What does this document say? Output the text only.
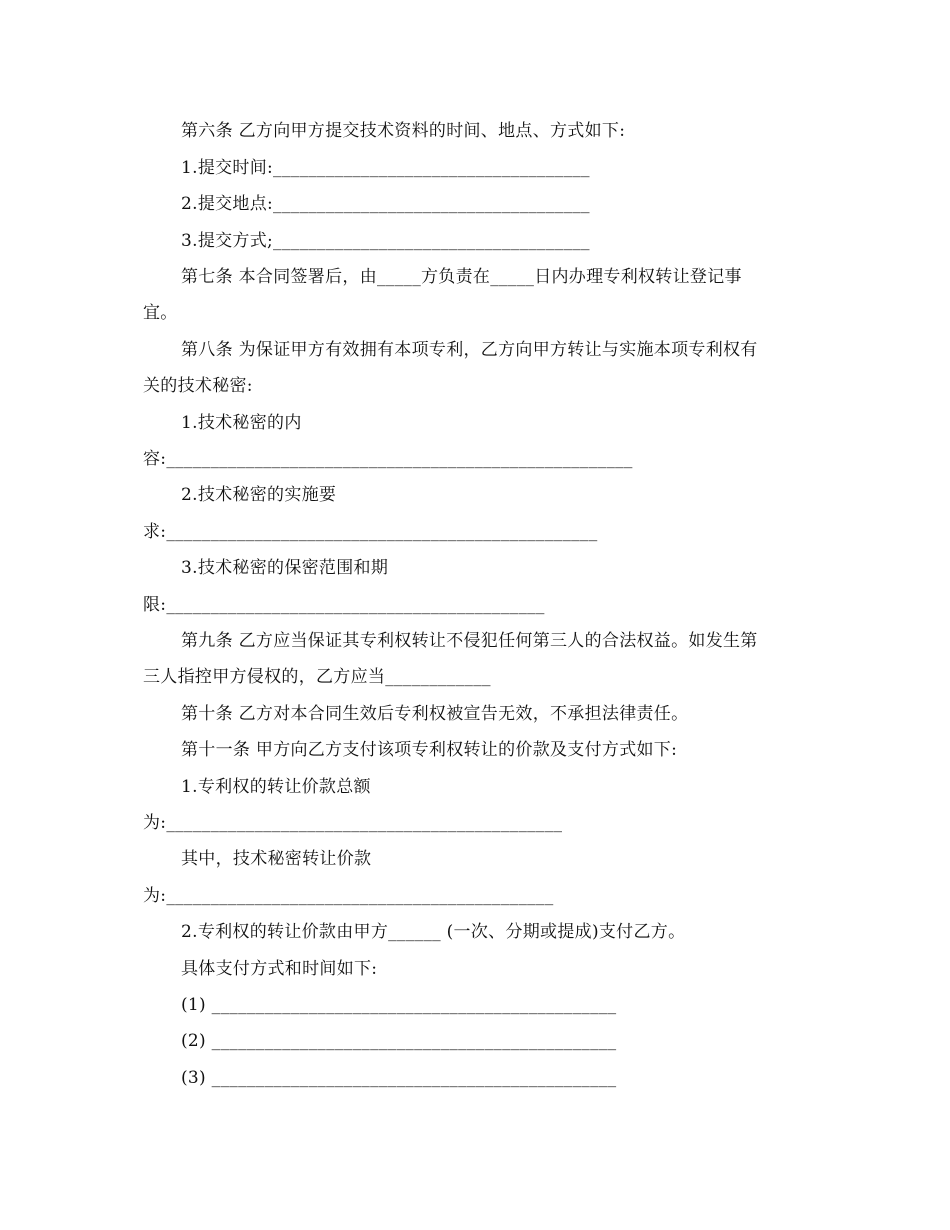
第六条 乙方向甲方提交技术资料的时间、地点、方式如下:
1.提交时间:____________________________________
2.提交地点:____________________________________
3.提交方式;____________________________________
第七条 本合同签署后，由_____方负责在_____日内办理专利权转让登记事
宜。
第八条 为保证甲方有效拥有本项专利，乙方向甲方转让与实施本项专利权有
关的技术秘密:
1.技术秘密的内
容:_____________________________________________________
2.技术秘密的实施要
求:_________________________________________________
3.技术秘密的保密范围和期
限:___________________________________________
第九条 乙方应当保证其专利权转让不侵犯任何第三人的合法权益。如发生第
三人指控甲方侵权的，乙方应当____________
第十条 乙方对本合同生效后专利权被宣告无效，不承担法律责任。
第十一条 甲方向乙方支付该项专利权转让的价款及支付方式如下:
1.专利权的转让价款总额
为:_____________________________________________
其中，技术秘密转让价款
为:____________________________________________
2.专利权的转让价款由甲方______ (一次、分期或提成)支付乙方。
具体支付方式和时间如下:
(1) ______________________________________________
(2) ______________________________________________
(3) ______________________________________________
